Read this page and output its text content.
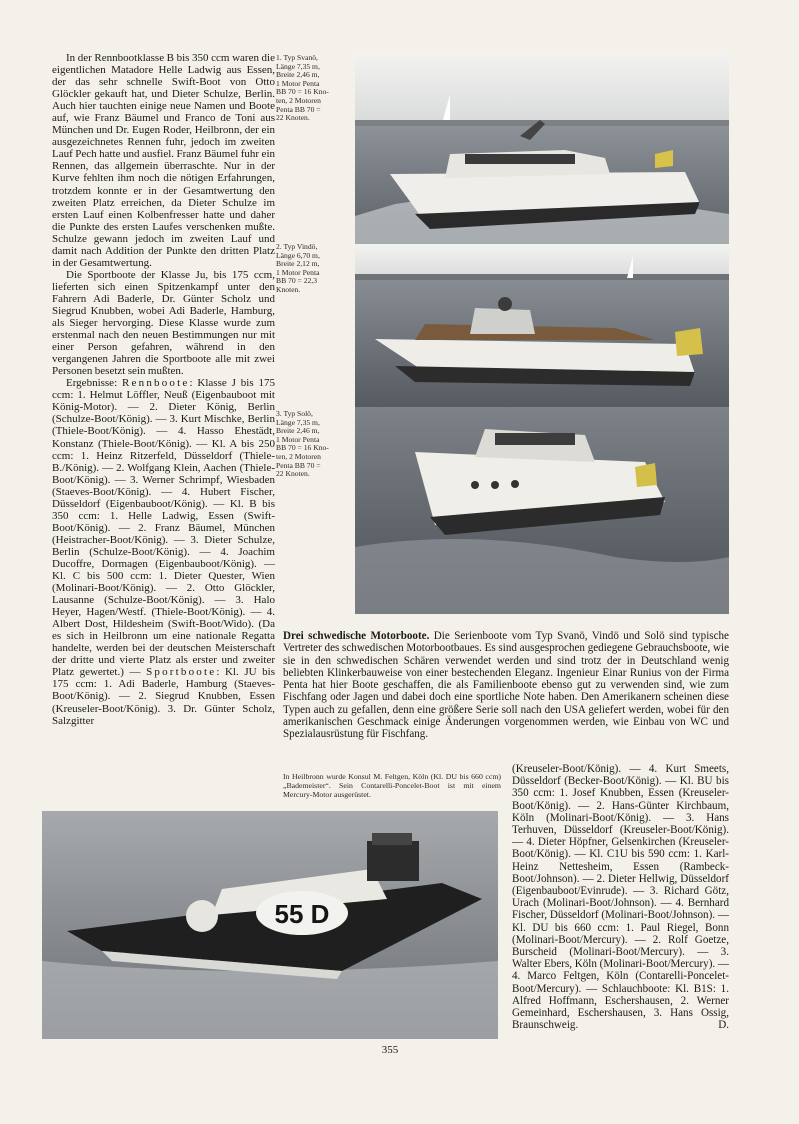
In der Rennbootklasse B bis 350 ccm waren die eigentlichen Matadore Helle Ladwig aus Essen, der das sehr schnelle Swift-Boot von Otto Glöckler gekauft hat, und Dieter Schulze, Berlin. Auch hier tauchten einige neue Namen und Boote auf, wie Franz Bäumel und Franco de Toni aus München und Dr. Eugen Roder, Heilbronn, der ein ausgezeichnetes Rennen fuhr, jedoch im zweiten Lauf Pech hatte und ausfiel. Franz Bäumel fuhr ein Rennen, das allgemein überraschte. Nur in der Kurve fehlten ihm noch die nötigen Erfahrungen, trotzdem konnte er in der Gesamtwertung den zweiten Platz erreichen, da Dieter Schulze im ersten Lauf einen Kolbenfresser hatte und daher die Punkte des ersten Laufes verschenken mußte. Schulze gewann jedoch im zweiten Lauf und damit nach Addition der Punkte den dritten Platz in der Gesamtwertung.

Die Sportboote der Klasse Ju, bis 175 ccm, lieferten sich einen Spitzenkampf unter den Fahrern Adi Baderle, Dr. Günter Scholz und Siegrud Knubben, wobei Adi Baderle, Hamburg, als Sieger hervorging. Diese Klasse wurde zum erstenmal nach den neuen Bestimmungen nur mit einer Person gefahren, während in den vergangenen Jahren die Sportboote alle mit zwei Personen besetzt sein mußten.

Ergebnisse: Rennboote: Klasse J bis 175 ccm: 1. Helmut Löffler, Neuß (Eigenbauboot mit König-Motor). — 2. Dieter König, Berlin (Schulze-Boot/König). — 3. Kurt Mischke, Berlin (Thiele-Boot/König). — 4. Hasso Ehestädt, Konstanz (Thiele-Boot/König). — Kl. A bis 250 ccm: 1. Heinz Ritzerfeld, Düsseldorf (Thiele-B./König). — 2. Wolfgang Klein, Aachen (Thiele-Boot/König). — 3. Werner Schrimpf, Wiesbaden (Staeves-Boot/König). — 4. Hubert Fischer, Düsseldorf (Eigenbauboot/König). — Kl. B bis 350 ccm: 1. Helle Ladwig, Essen (Swift-Boot/König). — 2. Franz Bäumel, München (Heistracher-Boot/König). — 3. Dieter Schulze, Berlin (Schulze-Boot/König). — 4. Joachim Ducoffre, Dormagen (Eigenbauboot/König). — Kl. C bis 500 ccm: 1. Dieter Quester, Wien (Molinari-Boot/König). — 2. Otto Glöckler, Lausanne (Schulze-Boot/König). — 3. Halo Heyer, Hagen/Westf. (Thiele-Boot/König). — 4. Albert Dost, Hildesheim (Swift-Boot/Wido). (Da es sich in Heilbronn um eine nationale Regatta handelte, werden bei der deutschen Meisterschaft der dritte und vierte Platz als erster und zweiter Platz gewertet.) — Sportboote: Kl. JU bis 175 ccm: 1. Adi Baderle, Hamburg (Staeves-Boot/König). — 2. Siegrud Knubben, Essen (Kreuseler-Boot/König). 3. Dr. Günter Scholz, Salzgitter

1. Typ Svanö,

Länge 7,35 m,

Breite 2,46 m,

1 Motor Penta

BB 70 = 16 Kno-

ten, 2 Motoren

Penta BB 70 =

22 Knoten.

2. Typ Vindö,

Länge 6,70 m,

Breite 2,12 m,

1 Motor Penta

BB 70 = 22,3

Knoten.

3. Typ Solö,

Länge 7,35 m,

Breite 2,46 m,

1 Motor Penta

BB 70 = 16 Kno-

ten, 2 Motoren

Penta BB 70 =

22 Knoten.

Drei schwedische Motorboote. Die Serienboote vom Typ Svanö, Vindö und Solö sind typische Vertreter des schwedischen Motorbootbaues. Es sind ausgesprochen gediegene Gebrauchsboote, wie sie in den schwedischen Schären verwendet werden und sind trotz der in Deutschland wenig beliebten Klinkerbauweise von einer bestechenden Eleganz. Ingenieur Einar Runius von der Firma Penta hat hier Boote geschaffen, die als Familienboote ebenso gut zu verwenden sind, wie zum Fischfang oder Jagen und dabei doch eine sportliche Note haben. Den Amerikanern scheinen diese Typen auch zu gefallen, denn eine größere Serie soll nach den USA geliefert werden, wobei für den amerikanischen Geschmack einige Änderungen vorgenommen werden, wie Einbau von WC und Spezialausrüstung für Fischfang.

In Heilbronn wurde Konsul M. Feltgen, Köln (Kl. DU bis 660 ccm) „Bademeister“. Sein Contarelli-Poncelet-Boot ist mit einem Mercury-Motor ausgerüstet.

(Kreuseler-Boot/König). — 4. Kurt Smeets, Düsseldorf (Becker-Boot/König). — Kl. BU bis 350 ccm: 1. Josef Knubben, Essen (Kreuseler-Boot/König). — 2. Hans-Günter Kirchbaum, Köln (Molinari-Boot/König). — 3. Hans Terhuven, Düsseldorf (Kreuseler-Boot/König). — 4. Dieter Höpfner, Gelsenkirchen (Kreuseler-Boot/König). — Kl. C1U bis 590 ccm: 1. Karl-Heinz Nettesheim, Essen (Rambeck-Boot/Johnson). — 2. Dieter Hellwig, Düsseldorf (Eigenbauboot/Evinrude). — 3. Richard Götz, Urach (Molinari-Boot/Johnson). — 4. Bernhard Fischer, Düsseldorf (Molinari-Boot/Johnson). — Kl. DU bis 660 ccm: 1. Paul Riegel, Bonn (Molinari-Boot/Mercury). — 2. Rolf Goetze, Burscheid (Molinari-Boot/Mercury). — 3. Walter Ebers, Köln (Molinari-Boot/Mercury). — 4. Marco Feltgen, Köln (Contarelli-Poncelet-Boot/Mercury). — Schlauchboote: Kl. B1S: 1. Alfred Hoffmann, Eschershausen, 2. Werner Gemeinhard, Eschershausen, 3. Hans Ossig, Braunschweig.	D.

55 D
355
